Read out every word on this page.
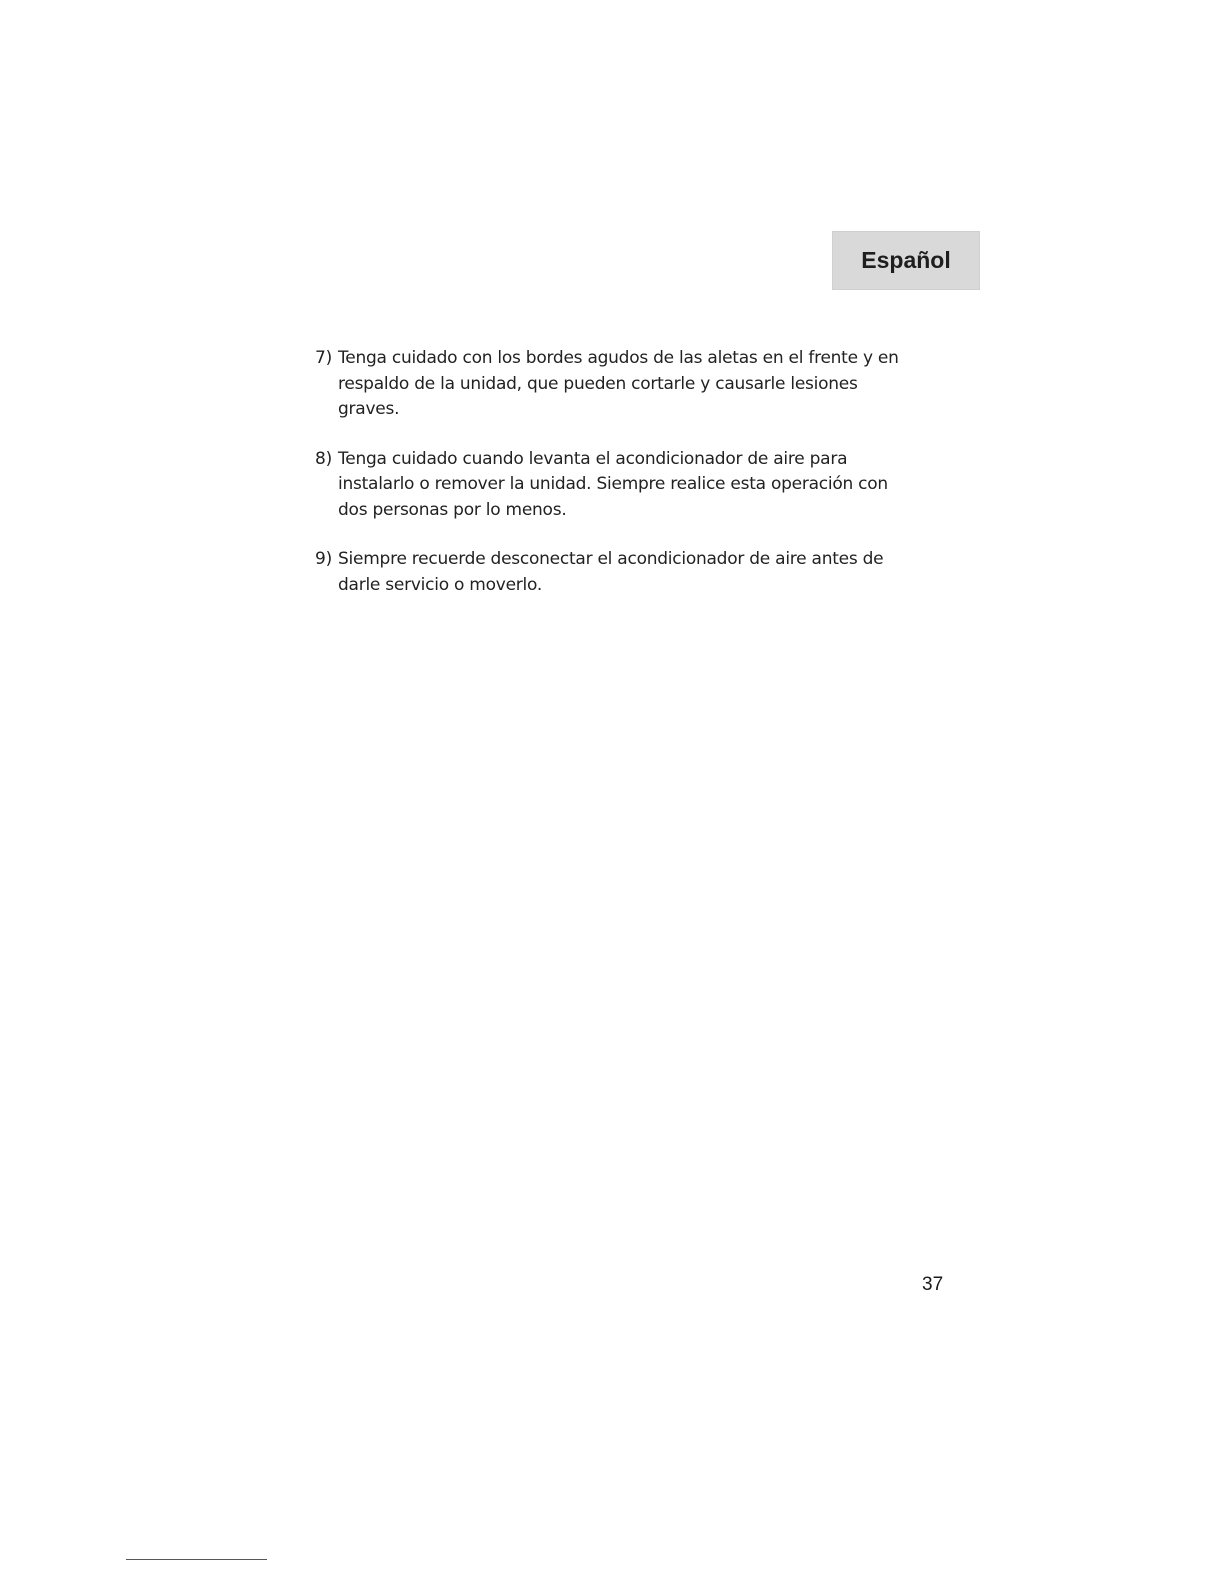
Español
7) Tenga cuidado con los bordes agudos de las aletas en el frente y en
respaldo de la unidad, que pueden cortarle y causarle lesiones graves.
8) Tenga cuidado cuando levanta el acondicionador de aire para
instalarlo o remover la unidad. Siempre realice esta operación con
dos personas por lo menos.
9) Siempre recuerde desconectar el acondicionador de aire antes de
darle servicio o moverlo.
37
